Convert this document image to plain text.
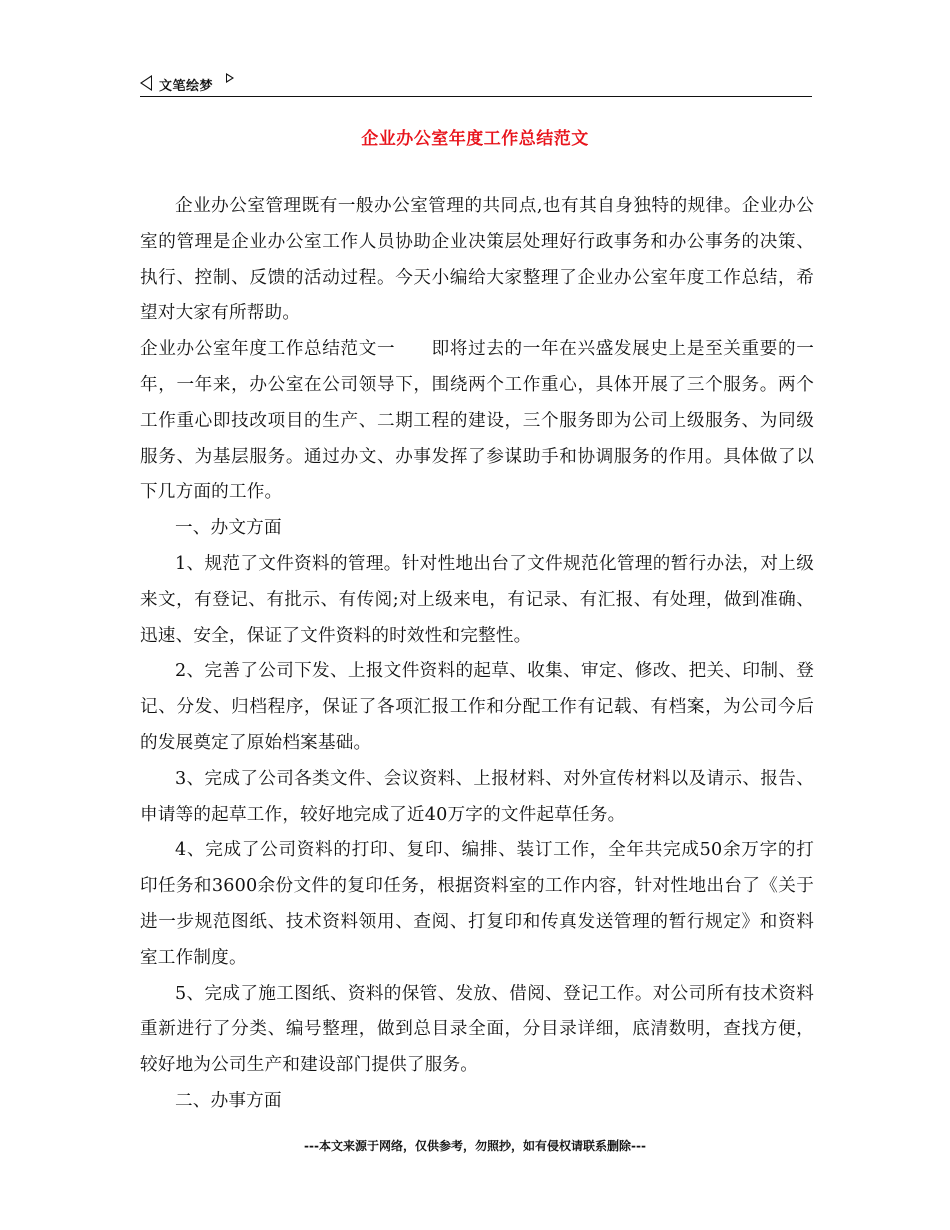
文笔绘梦
企业办公室年度工作总结范文

企业办公室管理既有一般办公室管理的共同点,也有其自身独特的规律。企业办公室的管理是企业办公室工作人员协助企业决策层处理好行政事务和办公事务的决策、执行、控制、反馈的活动过程。今天小编给大家整理了企业办公室年度工作总结，希望对大家有所帮助。

企业办公室年度工作总结范文一　　即将过去的一年在兴盛发展史上是至关重要的一年，一年来，办公室在公司领导下，围绕两个工作重心，具体开展了三个服务。两个工作重心即技改项目的生产、二期工程的建设，三个服务即为公司上级服务、为同级服务、为基层服务。通过办文、办事发挥了参谋助手和协调服务的作用。具体做了以下几方面的工作。

一、办文方面

1、规范了文件资料的管理。针对性地出台了文件规范化管理的暂行办法，对上级来文，有登记、有批示、有传阅;对上级来电，有记录、有汇报、有处理，做到准确、迅速、安全，保证了文件资料的时效性和完整性。

2、完善了公司下发、上报文件资料的起草、收集、审定、修改、把关、印制、登记、分发、归档程序，保证了各项汇报工作和分配工作有记载、有档案，为公司今后的发展奠定了原始档案基础。

3、完成了公司各类文件、会议资料、上报材料、对外宣传材料以及请示、报告、申请等的起草工作，较好地完成了近40万字的文件起草任务。

4、完成了公司资料的打印、复印、编排、装订工作，全年共完成50余万字的打印任务和3600余份文件的复印任务，根据资料室的工作内容，针对性地出台了《关于进一步规范图纸、技术资料领用、查阅、打复印和传真发送管理的暂行规定》和资料室工作制度。

5、完成了施工图纸、资料的保管、发放、借阅、登记工作。对公司所有技术资料重新进行了分类、编号整理，做到总目录全面，分目录详细，底清数明，查找方便，较好地为公司生产和建设部门提供了服务。

二、办事方面

---本文来源于网络，仅供参考，勿照抄，如有侵权请联系删除---
